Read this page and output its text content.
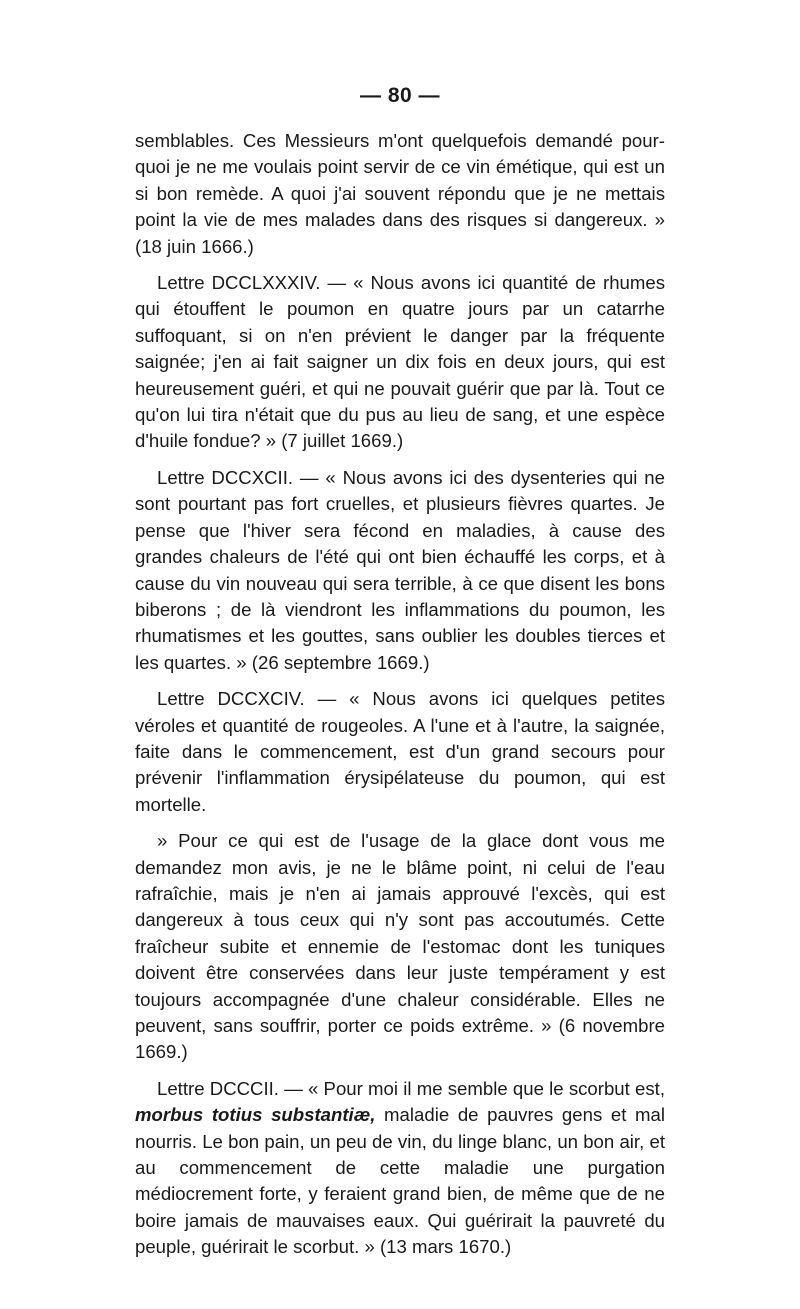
— 80 —

semblables. Ces Messieurs m'ont quelquefois demandé pour-quoi je ne me voulais point servir de ce vin émétique, qui est un si bon remède. A quoi j'ai souvent répondu que je ne mettais point la vie de mes malades dans des risques si dangereux. » (18 juin 1666.)

Lettre DCCLXXXIV. — « Nous avons ici quantité de rhumes qui étouffent le poumon en quatre jours par un catarrhe suffoquant, si on n'en prévient le danger par la fréquente saignée; j'en ai fait saigner un dix fois en deux jours, qui est heureusement guéri, et qui ne pouvait guérir que par là. Tout ce qu'on lui tira n'était que du pus au lieu de sang, et une espèce d'huile fondue? » (7 juillet 1669.)

Lettre DCCXCII. — « Nous avons ici des dysenteries qui ne sont pourtant pas fort cruelles, et plusieurs fièvres quartes. Je pense que l'hiver sera fécond en maladies, à cause des grandes chaleurs de l'été qui ont bien échauffé les corps, et à cause du vin nouveau qui sera terrible, à ce que disent les bons biberons ; de là viendront les inflammations du poumon, les rhumatismes et les gouttes, sans oublier les doubles tierces et les quartes. » (26 septembre 1669.)

Lettre DCCXCIV. — « Nous avons ici quelques petites véroles et quantité de rougeoles. A l'une et à l'autre, la saignée, faite dans le commencement, est d'un grand secours pour prévenir l'inflammation érysipélateuse du poumon, qui est mortelle.

» Pour ce qui est de l'usage de la glace dont vous me demandez mon avis, je ne le blâme point, ni celui de l'eau rafraîchie, mais je n'en ai jamais approuvé l'excès, qui est dangereux à tous ceux qui n'y sont pas accoutumés. Cette fraîcheur subite et ennemie de l'estomac dont les tuniques doivent être conservées dans leur juste tempérament y est toujours accompagnée d'une chaleur considérable. Elles ne peuvent, sans souffrir, porter ce poids extrême. » (6 novembre 1669.)

Lettre DCCCII. — « Pour moi il me semble que le scorbut est, morbus totius substantiæ, maladie de pauvres gens et mal nourris. Le bon pain, un peu de vin, du linge blanc, un bon air, et au commencement de cette maladie une purgation médiocrement forte, y feraient grand bien, de même que de ne boire jamais de mauvaises eaux. Qui guérirait la pauvreté du peuple, guérirait le scorbut. » (13 mars 1670.)
